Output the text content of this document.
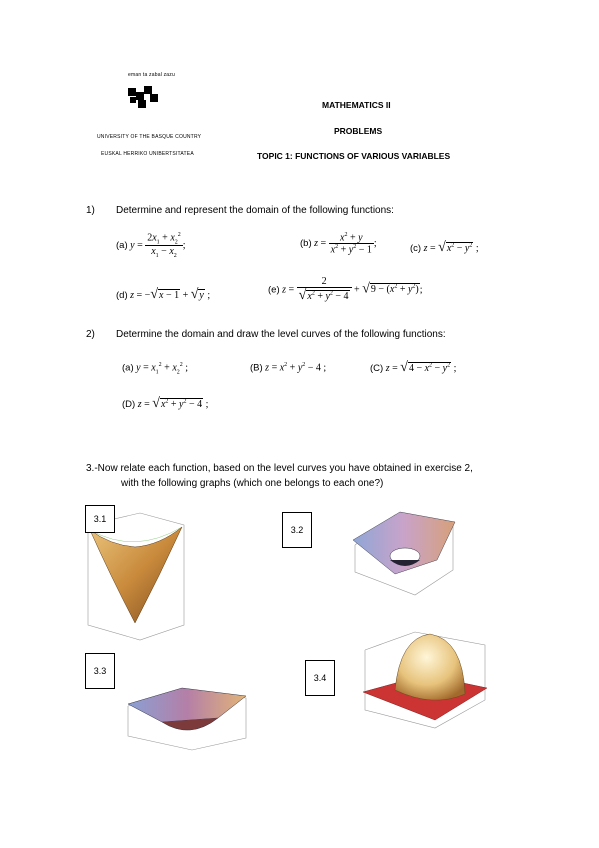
eman ta zabal zazu
UNIVERSITY OF THE BASQUE COUNTRY
EUSKAL HERRIKO UNIBERTSITATEA
MATHEMATICS II
PROBLEMS
TOPIC 1: FUNCTIONS OF VARIOUS VARIABLES
1) Determine and represent the domain of the following functions:
(a) $y = \frac{2x_1 + x_2^2}{x_1 - x_2}$ ;	(b) $z = \frac{x^2 + y}{x^2 + y^2 - 1}$ ;	(c) $z = √x^2 - y^2$ ;
(d) z = −√x − 1 + √y ;
(e) $z = \frac{2}{√x^2 + y^2 - 4} + √9 - (x^2 + y^2)$;
2) Determine the domain and draw the level curves of the following functions:
(a) $y = x_1^2 + x_2^2$ ;	(B) $z = x^2 + y^2 - 4$ ;	(C) $z = √4 - x^2 - y^2$ ;
(D) $z = √x^2 + y^2 - 4$ ;
3.-Now relate each function, based on the level curves you have obtained in exercise 2,
with the following graphs (which one belongs to each one?)
3.1
3.2
3.3
3.4
